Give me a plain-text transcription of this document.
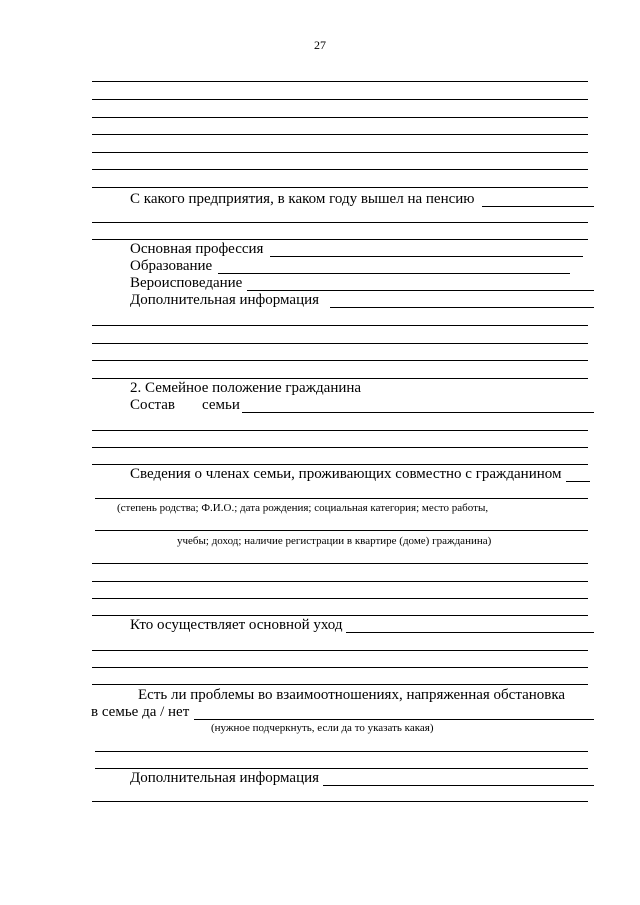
27
С какого предприятия, в каком году вышел на пенсию
Основная профессия
Образование
Вероисповедание
Дополнительная информация
2. Семейное положение гражданина
Состав семьи
Сведения о членах семьи, проживающих совместно с гражданином
(степень родства; Ф.И.О.; дата рождения; социальная категория; место работы,
учебы; доход; наличие регистрации в квартире (доме) гражданина)
Кто осуществляет основной уход
Есть ли проблемы во взаимоотношениях, напряженная обстановка
в семье да / нет
(нужное подчеркнуть, если да то указать какая)
Дополнительная информация
